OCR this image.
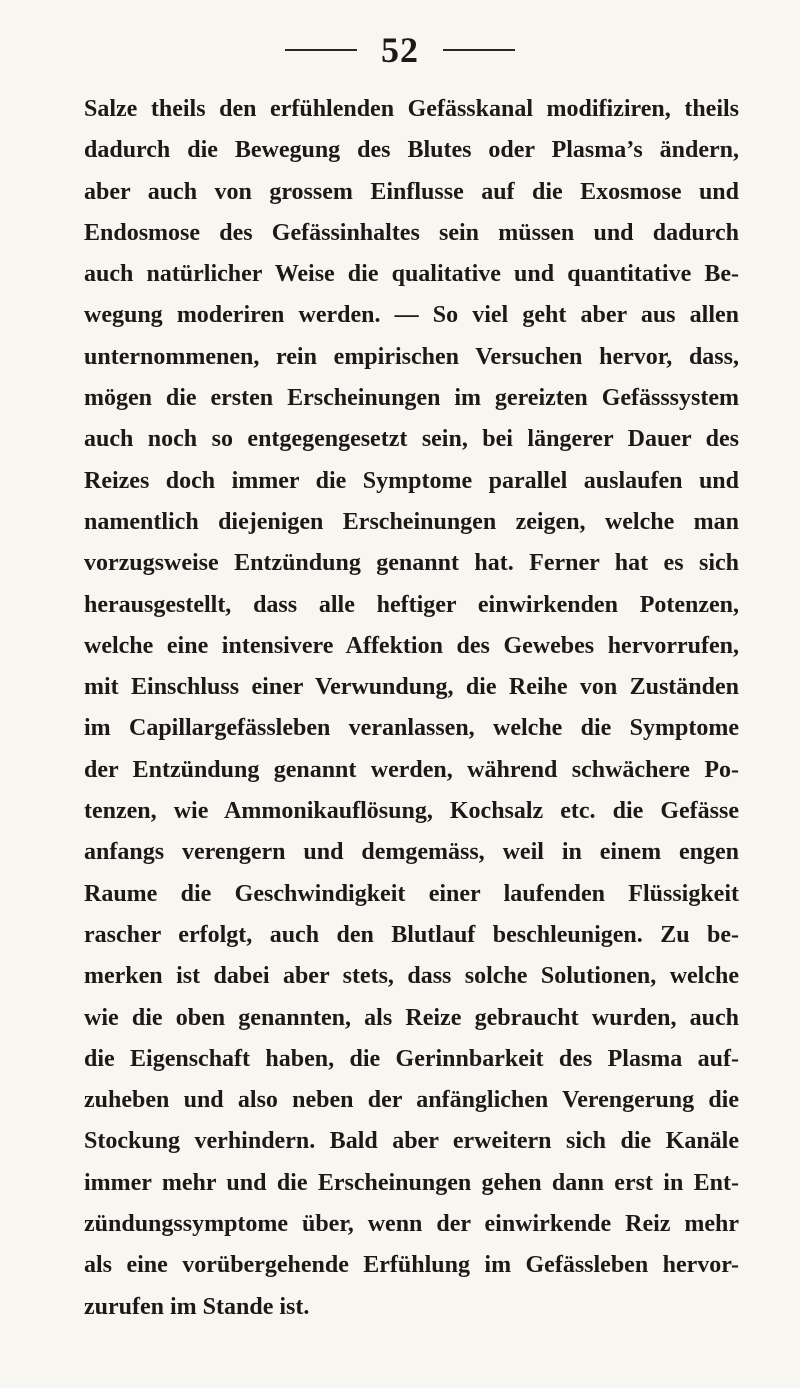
52
Salze theils den erfühlenden Gefässkanal modifiziren, theils
dadurch die Bewegung des Blutes oder Plasma’s ändern,
aber auch von grossem Einflusse auf die Exosmose und
Endosmose des Gefässinhaltes sein müssen und dadurch
auch natürlicher Weise die qualitative und quantitative Be-
wegung moderiren werden. — So viel geht aber aus allen
unternommenen, rein empirischen Versuchen hervor, dass,
mögen die ersten Erscheinungen im gereizten Gefässsystem
auch noch so entgegengesetzt sein, bei längerer Dauer des
Reizes doch immer die Symptome parallel auslaufen und
namentlich diejenigen Erscheinungen zeigen, welche man
vorzugsweise Entzündung genannt hat. Ferner hat es sich
herausgestellt, dass alle heftiger einwirkenden Potenzen,
welche eine intensivere Affektion des Gewebes hervorrufen,
mit Einschluss einer Verwundung, die Reihe von Zuständen
im Capillargefässleben veranlassen, welche die Symptome
der Entzündung genannt werden, während schwächere Po-
tenzen, wie Ammonikauflösung, Kochsalz etc. die Gefässe
anfangs verengern und demgemäss, weil in einem engen
Raume die Geschwindigkeit einer laufenden Flüssigkeit
rascher erfolgt, auch den Blutlauf beschleunigen. Zu be-
merken ist dabei aber stets, dass solche Solutionen, welche
wie die oben genannten, als Reize gebraucht wurden, auch
die Eigenschaft haben, die Gerinnbarkeit des Plasma auf-
zuheben und also neben der anfänglichen Verengerung die
Stockung verhindern. Bald aber erweitern sich die Kanäle
immer mehr und die Erscheinungen gehen dann erst in Ent-
zündungssymptome über, wenn der einwirkende Reiz mehr
als eine vorübergehende Erfühlung im Gefässleben hervor-
zurufen im Stande ist.
